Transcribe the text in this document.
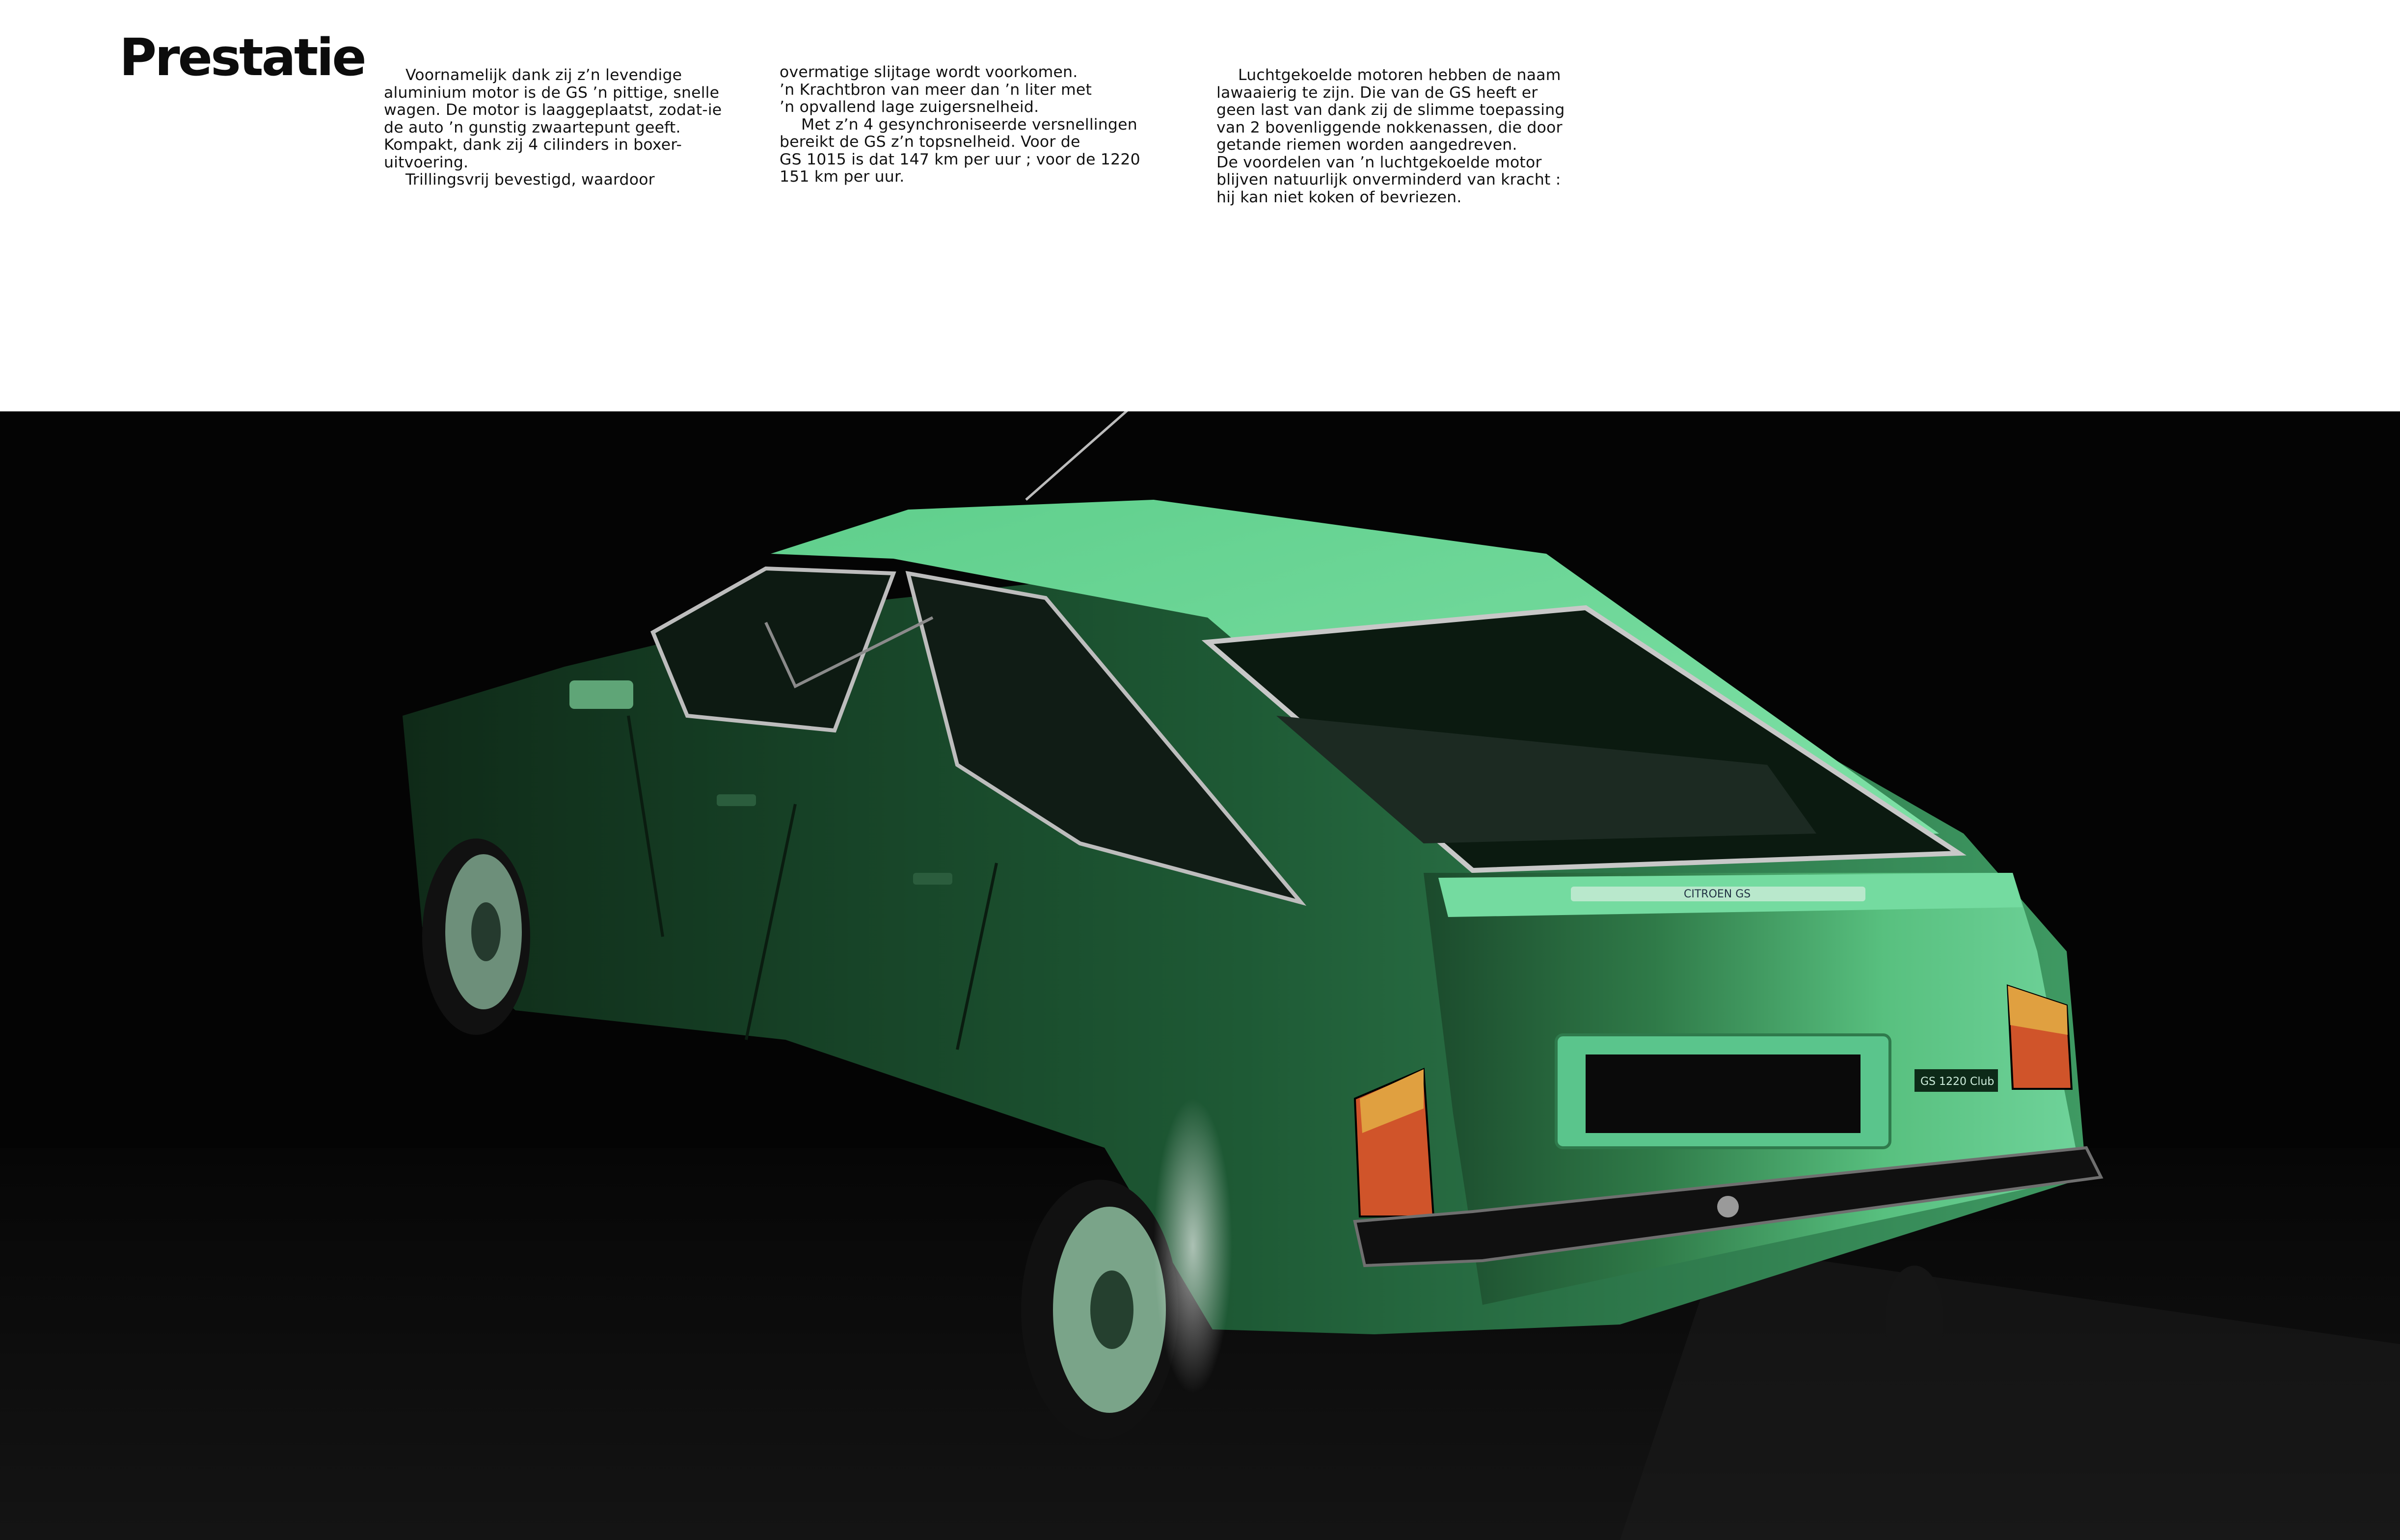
Prestatie	Voornamelijk dank zij z’n levendige

aluminium motor is de GS ’n pittige, snelle

wagen. De motor is laaggeplaatst, zodat-ie

de auto ’n gunstig zwaartepunt geeft.

Kompakt, dank zij 4 cilinders in boxer-

uitvoering.

Trillingsvrij bevestigd, waardoor

overmatige slijtage wordt voorkomen.

’n Krachtbron van meer dan ’n liter met

’n opvallend lage zuigersnelheid.

Met z’n 4 gesynchroniseerde versnellingen

bereikt de GS z’n topsnelheid. Voor de

GS 1015 is dat 147 km per uur ; voor de 1220

151 km per uur.

Luchtgekoelde motoren hebben de naam

lawaaierig te zijn. Die van de GS heeft er

geen last van dank zij de slimme toepassing

van 2 bovenliggende nokkenassen, die door

getande riemen worden aangedreven.

De voordelen van ’n luchtgekoelde motor

blijven natuurlijk onverminderd van kracht :

hij kan niet koken of bevriezen.

CITROEN GS
GS 1220 Club
